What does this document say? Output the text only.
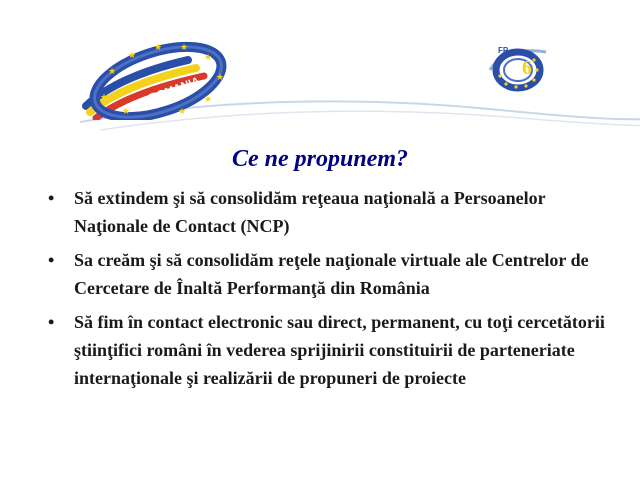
★
★
★
★ ★
★
★
★
★
★
ROMANIA
FP
6
Ce ne propunem?
• Să extindem şi să consolidăm reţeaua naţională a Persoanelor Naţionale de Contact (NCP)
• Sa creăm şi să consolidăm reţele naţionale virtuale ale Centrelor de Cercetare de Înaltă Performanţă din România
• Să fim în contact electronic sau direct, permanent, cu toţi cercetătorii ştiinţifici români în vederea sprijinirii constituirii de parteneriate internaţionale şi realizării de propuneri de proiecte
